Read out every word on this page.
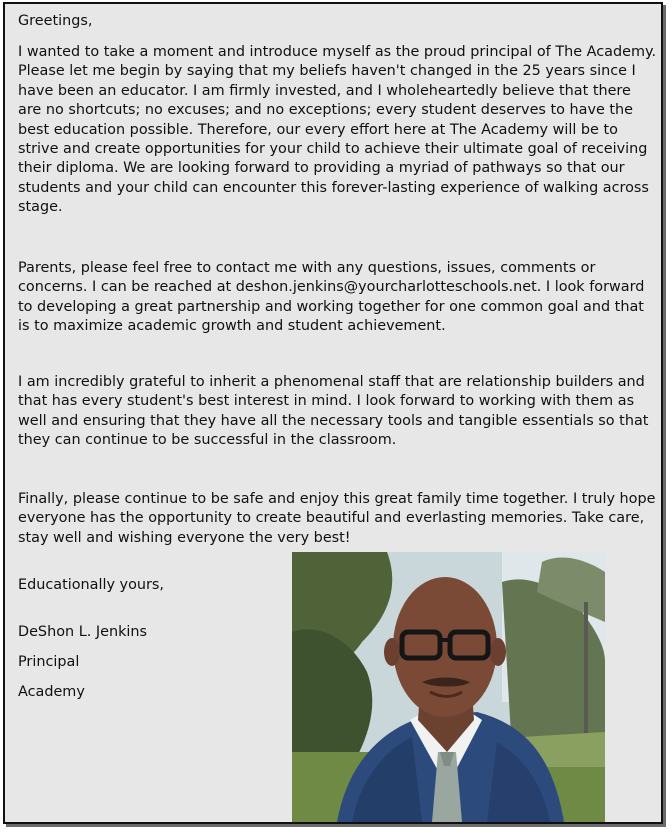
Greetings,
I wanted to take a moment and introduce myself as the proud principal of The Academy. Please let me begin by saying that my beliefs haven't changed in the 25 years since I have been an educator. I am firmly invested, and I wholeheartedly believe that there are no shortcuts; no excuses; and no exceptions; every student deserves to have the best education possible. Therefore, our every effort here at The Academy will be to strive and create opportunities for your child to achieve their ultimate goal of receiving their diploma. We are looking forward to providing a myriad of pathways so that our students and your child can encounter this forever-lasting experience of walking across stage.
Parents, please feel free to contact me with any questions, issues, comments or concerns. I can be reached at deshon.jenkins@yourcharlotteschools.net. I look forward to developing a great partnership and working together for one common goal and that is to maximize academic growth and student achievement.
I am incredibly grateful to inherit a phenomenal staff that are relationship builders and that has every student's best interest in mind. I look forward to working with them as well and ensuring that they have all the necessary tools and tangible essentials so that they can continue to be successful in the classroom.
Finally, please continue to be safe and enjoy this great family time together. I truly hope everyone has the opportunity to create beautiful and everlasting memories. Take care, stay well and wishing everyone the very best!
Educationally yours,
DeShon L. Jenkins
Principal
Academy
